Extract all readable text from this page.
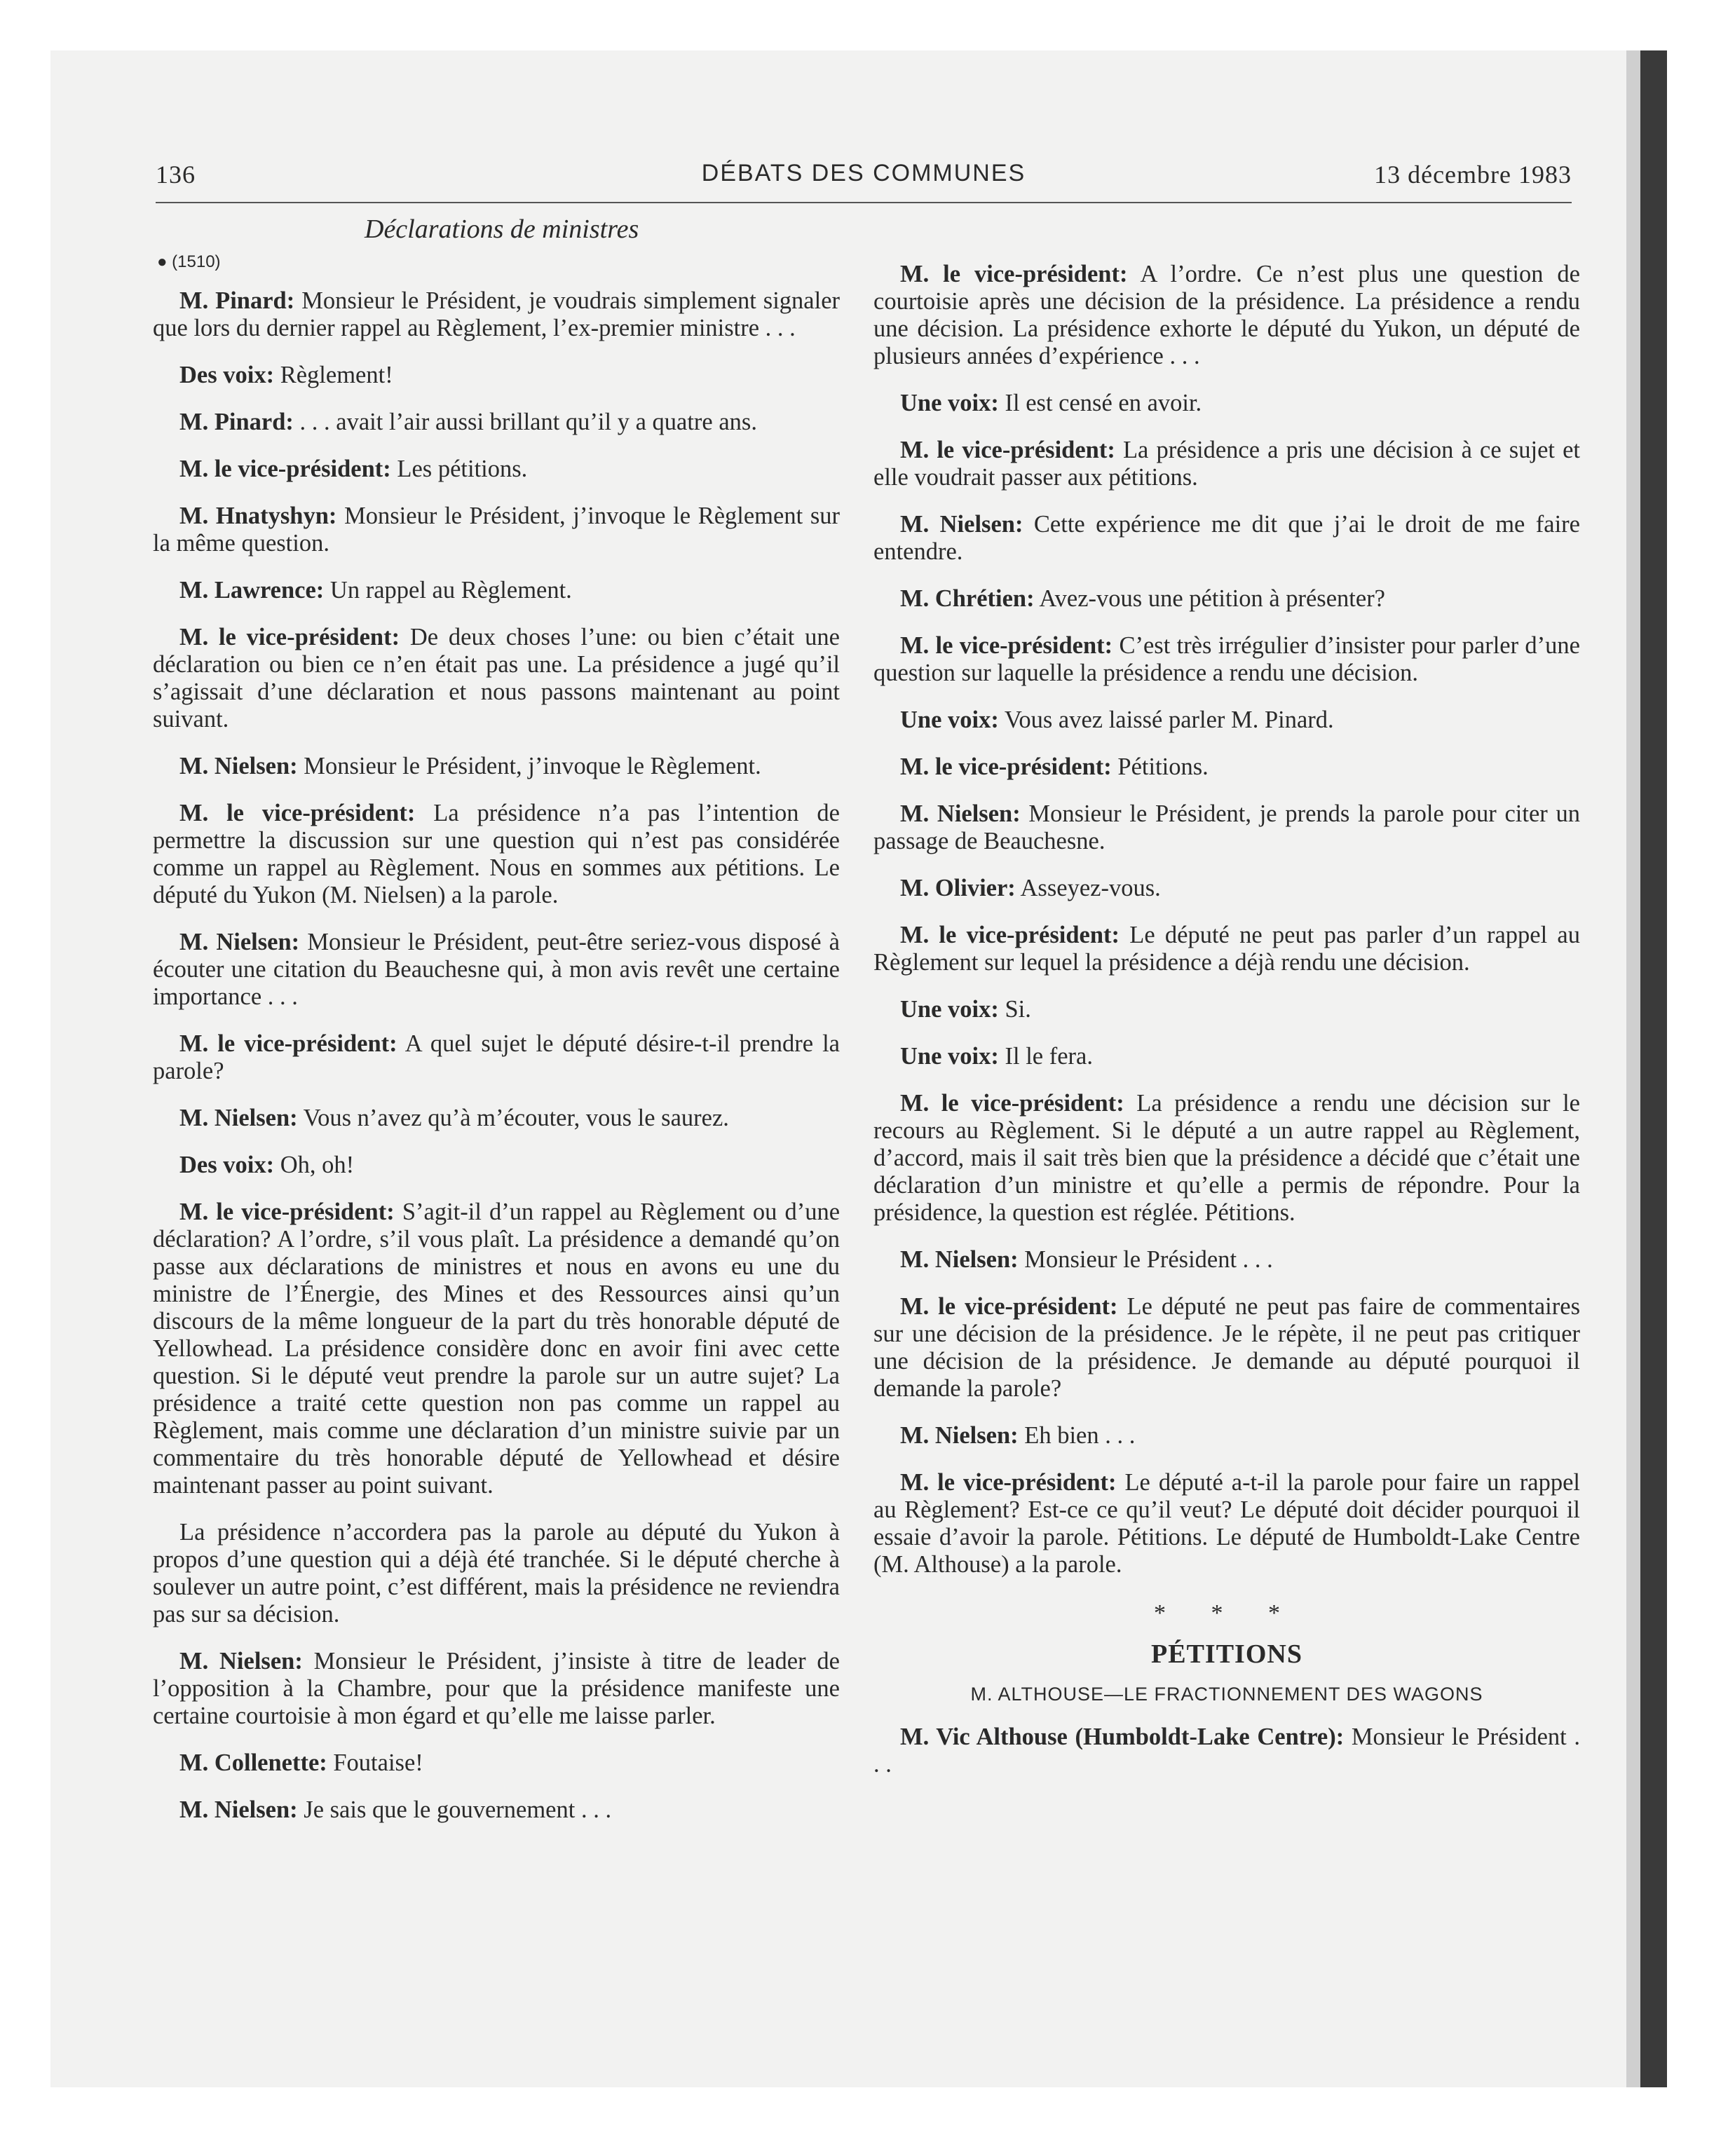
136	DÉBATS DES COMMUNES	13 décembre 1983
Déclarations de ministres
● (1510)

M. Pinard: Monsieur le Président, je voudrais simplement signaler que lors du dernier rappel au Règlement, l’ex-premier ministre . . .

Des voix: Règlement!

M. Pinard: . . . avait l’air aussi brillant qu’il y a quatre ans.

M. le vice-président: Les pétitions.

M. Hnatyshyn: Monsieur le Président, j’invoque le Règlement sur la même question.

M. Lawrence: Un rappel au Règlement.

M. le vice-président: De deux choses l’une: ou bien c’était une déclaration ou bien ce n’en était pas une. La présidence a jugé qu’il s’agissait d’une déclaration et nous passons maintenant au point suivant.

M. Nielsen: Monsieur le Président, j’invoque le Règlement.

M. le vice-président: La présidence n’a pas l’intention de permettre la discussion sur une question qui n’est pas considérée comme un rappel au Règlement. Nous en sommes aux pétitions. Le député du Yukon (M. Nielsen) a la parole.

M. Nielsen: Monsieur le Président, peut-être seriez-vous disposé à écouter une citation du Beauchesne qui, à mon avis revêt une certaine importance . . .

M. le vice-président: A quel sujet le député désire-t-il prendre la parole?

M. Nielsen: Vous n’avez qu’à m’écouter, vous le saurez.

Des voix: Oh, oh!

M. le vice-président: S’agit-il d’un rappel au Règlement ou d’une déclaration? A l’ordre, s’il vous plaît. La présidence a demandé qu’on passe aux déclarations de ministres et nous en avons eu une du ministre de l’Énergie, des Mines et des Ressources ainsi qu’un discours de la même longueur de la part du très honorable député de Yellowhead. La présidence considère donc en avoir fini avec cette question. Si le député veut prendre la parole sur un autre sujet? La présidence a traité cette question non pas comme un rappel au Règlement, mais comme une déclaration d’un ministre suivie par un commentaire du très honorable député de Yellowhead et désire maintenant passer au point suivant.

La présidence n’accordera pas la parole au député du Yukon à propos d’une question qui a déjà été tranchée. Si le député cherche à soulever un autre point, c’est différent, mais la présidence ne reviendra pas sur sa décision.

M. Nielsen: Monsieur le Président, j’insiste à titre de leader de l’opposition à la Chambre, pour que la présidence manifeste une certaine courtoisie à mon égard et qu’elle me laisse parler.

M. Collenette: Foutaise!

M. Nielsen: Je sais que le gouvernement . . .

M. le vice-président: A l’ordre. Ce n’est plus une question de courtoisie après une décision de la présidence. La présidence a rendu une décision. La présidence exhorte le député du Yukon, un député de plusieurs années d’expérience . . .

Une voix: Il est censé en avoir.

M. le vice-président: La présidence a pris une décision à ce sujet et elle voudrait passer aux pétitions.

M. Nielsen: Cette expérience me dit que j’ai le droit de me faire entendre.

M. Chrétien: Avez-vous une pétition à présenter?

M. le vice-président: C’est très irrégulier d’insister pour parler d’une question sur laquelle la présidence a rendu une décision.

Une voix: Vous avez laissé parler M. Pinard.

M. le vice-président: Pétitions.

M. Nielsen: Monsieur le Président, je prends la parole pour citer un passage de Beauchesne.

M. Olivier: Asseyez-vous.

M. le vice-président: Le député ne peut pas parler d’un rappel au Règlement sur lequel la présidence a déjà rendu une décision.

Une voix: Si.

Une voix: Il le fera.

M. le vice-président: La présidence a rendu une décision sur le recours au Règlement. Si le député a un autre rappel au Règlement, d’accord, mais il sait très bien que la présidence a décidé que c’était une déclaration d’un ministre et qu’elle a permis de répondre. Pour la présidence, la question est réglée. Pétitions.

M. Nielsen: Monsieur le Président . . .

M. le vice-président: Le député ne peut pas faire de commentaires sur une décision de la présidence. Je le répète, il ne peut pas critiquer une décision de la présidence. Je demande au député pourquoi il demande la parole?

M. Nielsen: Eh bien . . .

M. le vice-président: Le député a-t-il la parole pour faire un rappel au Règlement? Est-ce ce qu’il veut? Le député doit décider pourquoi il essaie d’avoir la parole. Pétitions. Le député de Humboldt-Lake Centre (M. Althouse) a la parole.

* * *
PÉTITIONS
M. ALTHOUSE—LE FRACTIONNEMENT DES WAGONS

M. Vic Althouse (Humboldt-Lake Centre): Monsieur le Président . . .
